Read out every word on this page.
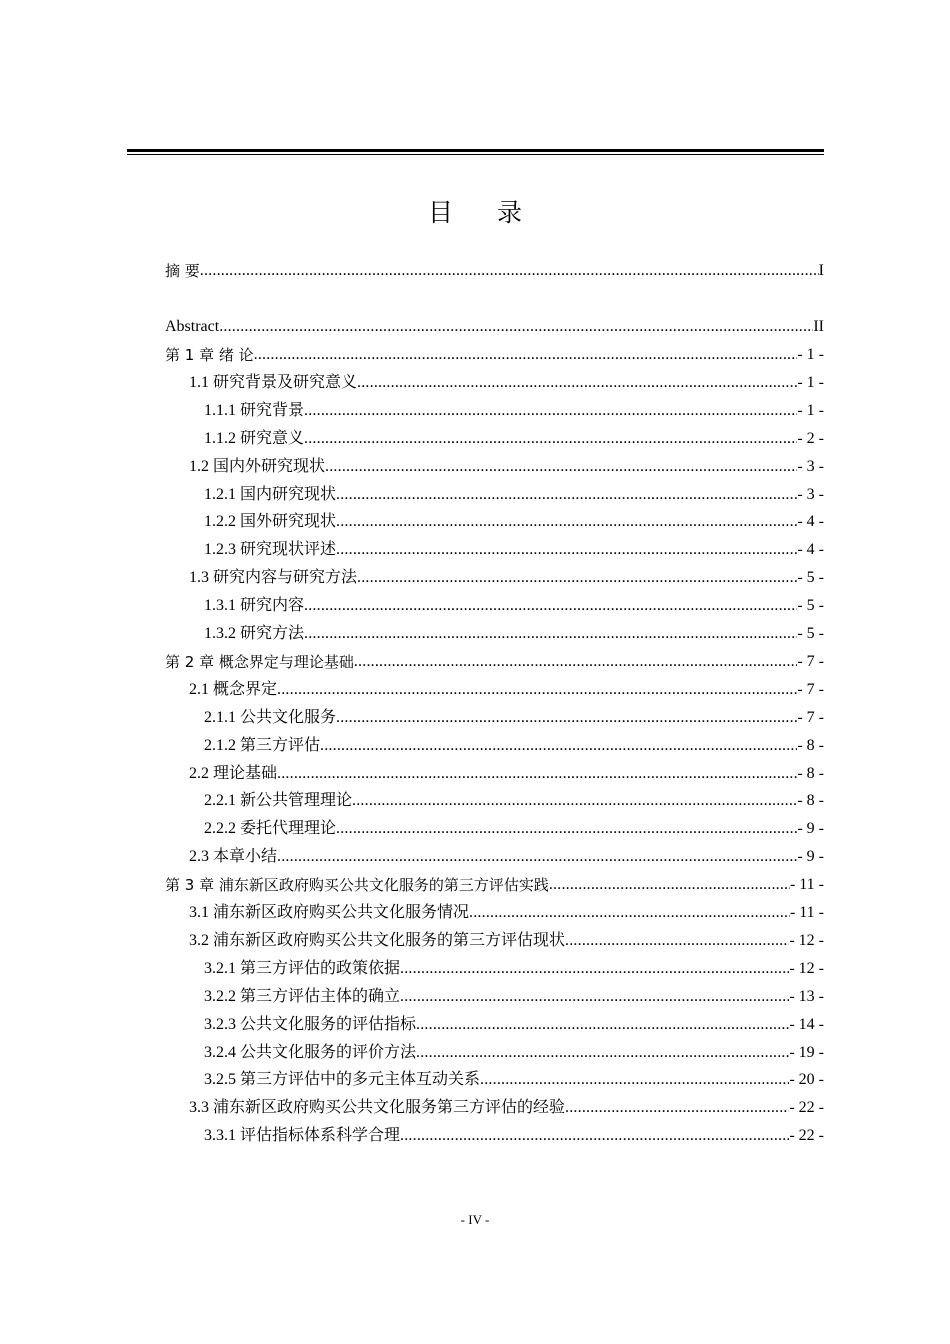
目 录
摘 要 .....	I
Abstract .....	II
第 1 章 绪 论 .....	- 1 -
1.1 研究背景及研究意义 .....	- 1 -
1.1.1 研究背景 .....	- 1 -
1.1.2 研究意义 .....	- 2 -
1.2 国内外研究现状 .....	- 3 -
1.2.1 国内研究现状 .....	- 3 -
1.2.2 国外研究现状 .....	- 4 -
1.2.3 研究现状评述 .....	- 4 -
1.3 研究内容与研究方法 .....	- 5 -
1.3.1 研究内容 .....	- 5 -
1.3.2 研究方法 .....	- 5 -
第 2 章 概念界定与理论基础 .....	- 7 -
2.1 概念界定 .....	- 7 -
2.1.1 公共文化服务 .....	- 7 -
2.1.2 第三方评估 .....	- 8 -
2.2 理论基础 .....	- 8 -
2.2.1 新公共管理理论 .....	- 8 -
2.2.2 委托代理理论 .....	- 9 -
2.3 本章小结 .....	- 9 -
第 3 章 浦东新区政府购买公共文化服务的第三方评估实践 .....	- 11 -
3.1 浦东新区政府购买公共文化服务情况 .....	- 11 -
3.2 浦东新区政府购买公共文化服务的第三方评估现状 .....	- 12 -
3.2.1 第三方评估的政策依据 .....	- 12 -
3.2.2 第三方评估主体的确立 .....	- 13 -
3.2.3 公共文化服务的评估指标 .....	- 14 -
3.2.4 公共文化服务的评价方法 .....	- 19 -
3.2.5 第三方评估中的多元主体互动关系 .....	- 20 -
3.3 浦东新区政府购买公共文化服务第三方评估的经验 .....	- 22 -
3.3.1 评估指标体系科学合理 .....	- 22 -
- IV -
